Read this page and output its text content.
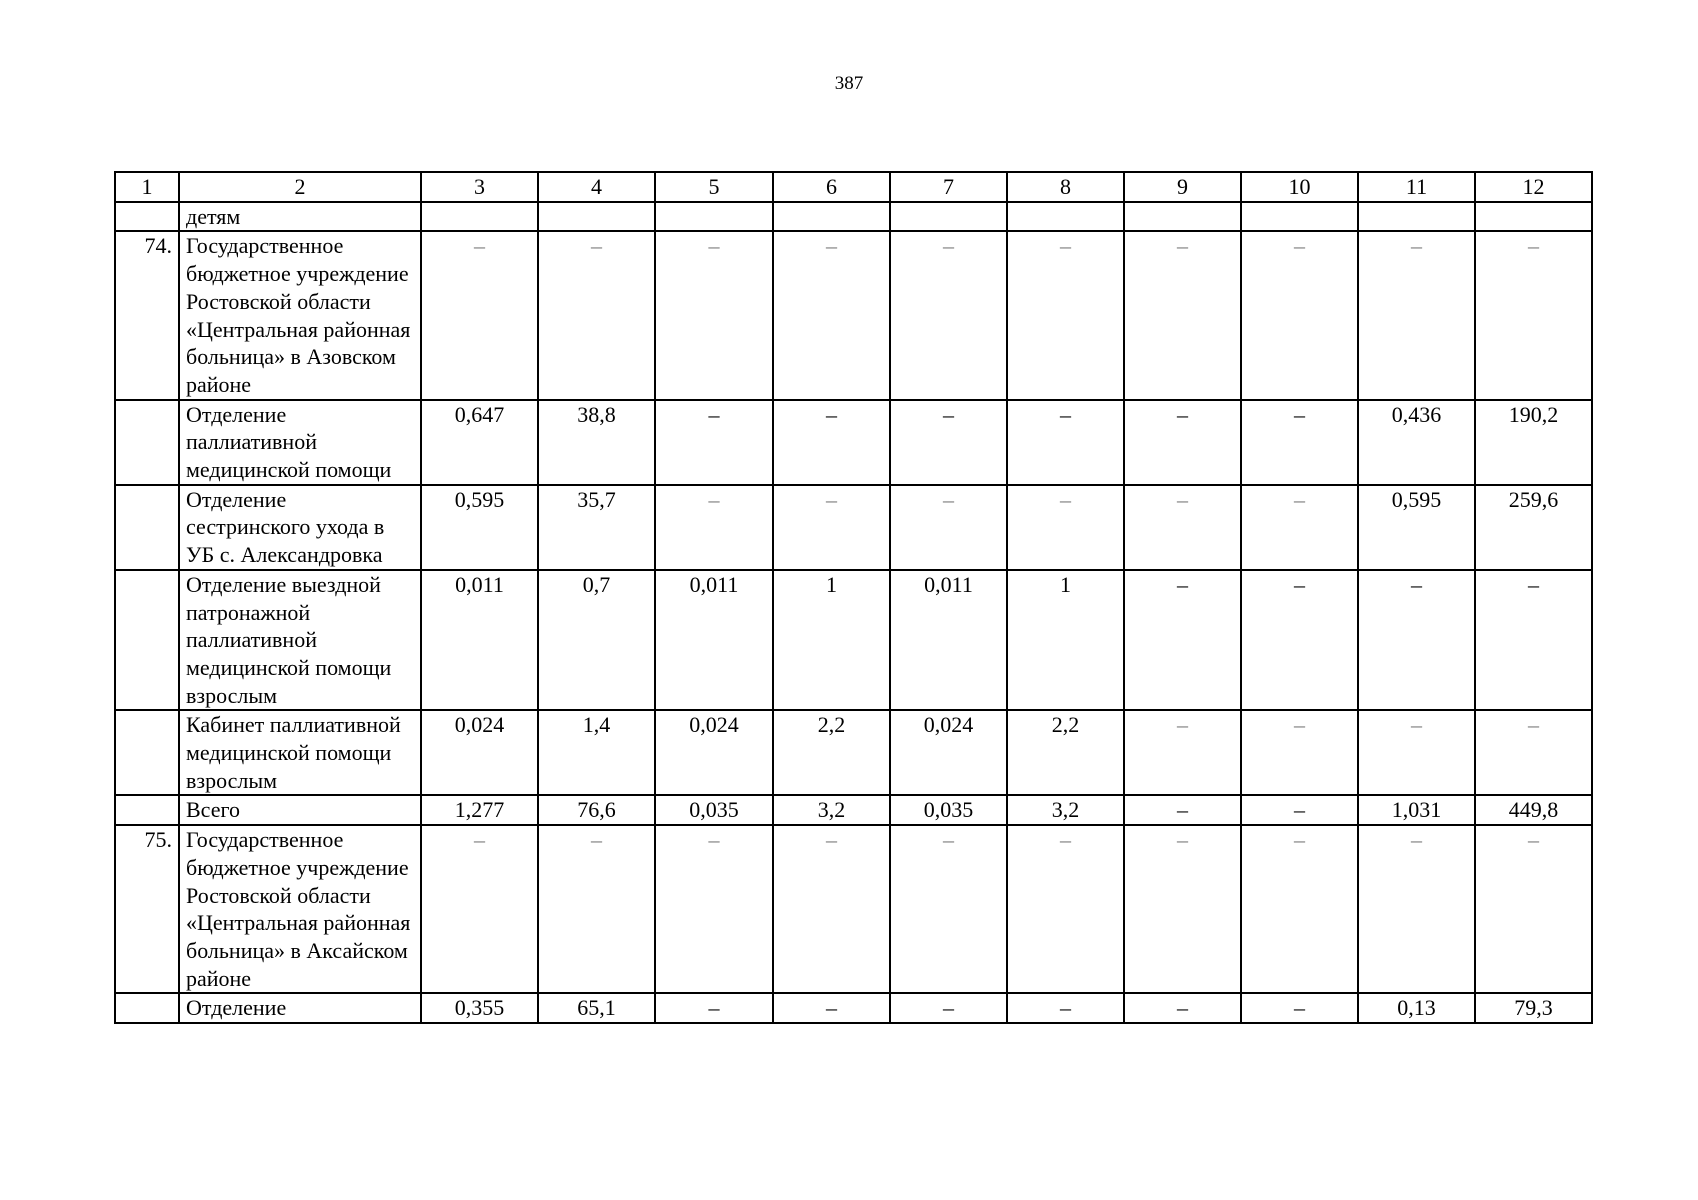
387
1	2	3	4	5	6	7	8	9	10	11	12
	детям										
74.	Государственное бюджетное учреждение Ростовской области «Центральная районная больница» в Азовском районе	–	–	–	–	–	–	–	–	–	–
	Отделение паллиативной медицинской помощи	0,647	38,8	–	–	–	–	–	–	0,436	190,2
	Отделение сестринского ухода в УБ с. Александровка	0,595	35,7	–	–	–	–	–	–	0,595	259,6
	Отделение выездной патронажной паллиативной медицинской помощи взрослым	0,011	0,7	0,011	1	0,011	1	–	–	–	–
	Кабинет паллиативной медицинской помощи взрослым	0,024	1,4	0,024	2,2	0,024	2,2	–	–	–	–
	Всего	1,277	76,6	0,035	3,2	0,035	3,2	–	–	1,031	449,8
75.	Государственное бюджетное учреждение Ростовской области «Центральная районная больница» в Аксайском районе	–	–	–	–	–	–	–	–	–	–
	Отделение	0,355	65,1	–	–	–	–	–	–	0,13	79,3
